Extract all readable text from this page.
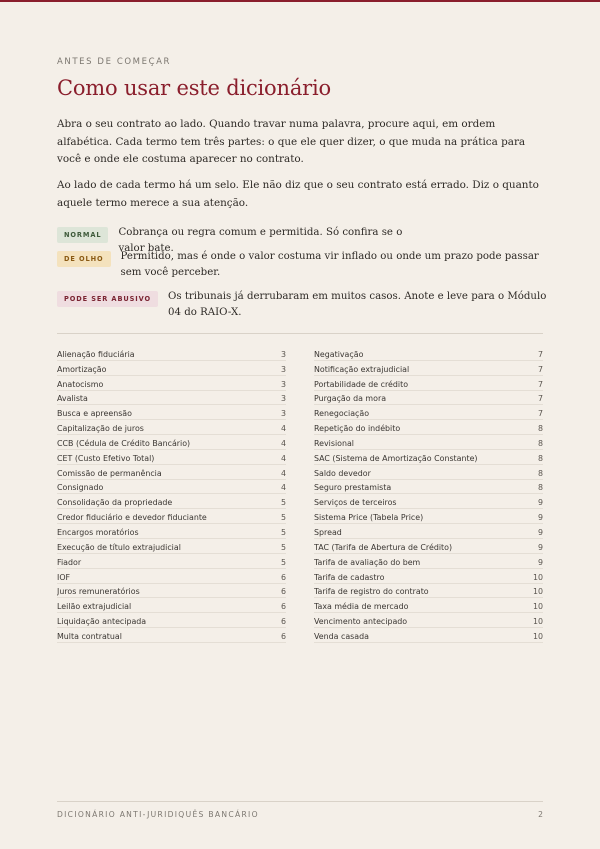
ANTES DE COMEÇAR
Como usar este dicionário

Abra o seu contrato ao lado. Quando travar numa palavra, procure aqui, em ordem alfabética. Cada termo tem três partes: o que ele quer dizer, o que muda na prática para você e onde ele costuma aparecer no contrato.

Ao lado de cada termo há um selo. Ele não diz que o seu contrato está errado. Diz o quanto aquele termo merece a sua atenção.

NORMAL	Cobrança ou regra comum e permitida. Só confira se o valor bate.
DE OLHO	Permitido, mas é onde o valor costuma vir inflado ou onde um prazo pode passar sem você perceber.
PODE SER ABUSIVO	Os tribunais já derrubaram em muitos casos. Anote e leve para o Módulo 04 do RAIO-X.
Alienação fiduciária	3
Amortização	3
Anatocismo	3
Avalista	3
Busca e apreensão	3
Capitalização de juros	4
CCB (Cédula de Crédito Bancário)	4
CET (Custo Efetivo Total)	4
Comissão de permanência	4
Consignado	4
Consolidação da propriedade	5
Credor fiduciário e devedor fiduciante	5
Encargos moratórios	5
Execução de título extrajudicial	5
Fiador	5
IOF	6
Juros remuneratórios	6
Leilão extrajudicial	6
Liquidação antecipada	6
Multa contratual	6
Negativação	7
Notificação extrajudicial	7
Portabilidade de crédito	7
Purgação da mora	7
Renegociação	7
Repetição do indébito	8
Revisional	8
SAC (Sistema de Amortização Constante)	8
Saldo devedor	8
Seguro prestamista	8
Serviços de terceiros	9
Sistema Price (Tabela Price)	9
Spread	9
TAC (Tarifa de Abertura de Crédito)	9
Tarifa de avaliação do bem	9
Tarifa de cadastro	10
Tarifa de registro do contrato	10
Taxa média de mercado	10
Vencimento antecipado	10
Venda casada	10
DICIONÁRIO ANTI-JURIDIQUÊS BANCÁRIO	2
